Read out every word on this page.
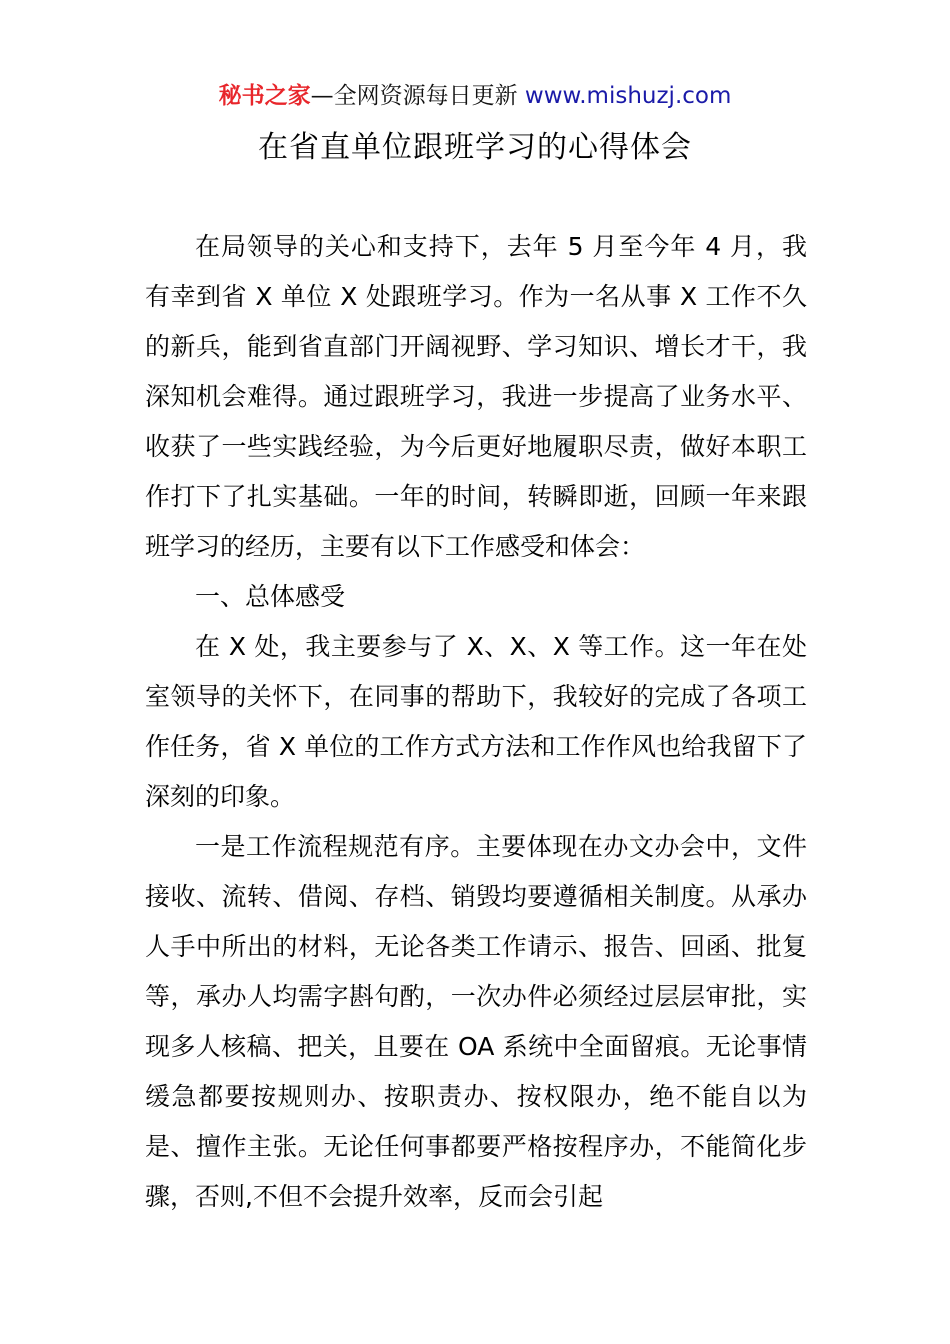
秘书之家—全网资源每日更新 www.mishuzj.com
在省直单位跟班学习的心得体会

在局领导的关心和支持下，去年 5 月至今年 4 月，我有幸到省 X 单位 X 处跟班学习。作为一名从事 X 工作不久的新兵，能到省直部门开阔视野、学习知识、增长才干，我深知机会难得。通过跟班学习，我进一步提高了业务水平、收获了一些实践经验，为今后更好地履职尽责，做好本职工作打下了扎实基础。一年的时间，转瞬即逝，回顾一年来跟班学习的经历，主要有以下工作感受和体会：

一、总体感受

在 X 处，我主要参与了 X、X、X 等工作。这一年在处室领导的关怀下，在同事的帮助下，我较好的完成了各项工作任务，省 X 单位的工作方式方法和工作作风也给我留下了深刻的印象。

一是工作流程规范有序。主要体现在办文办会中，文件接收、流转、借阅、存档、销毁均要遵循相关制度。从承办人手中所出的材料，无论各类工作请示、报告、回函、批复等，承办人均需字斟句酌，一次办件必须经过层层审批，实现多人核稿、把关，且要在 OA 系统中全面留痕。无论事情缓急都要按规则办、按职责办、按权限办，绝不能自以为是、擅作主张。无论任何事都要严格按程序办，不能简化步骤，否则,不但不会提升效率，反而会引起
